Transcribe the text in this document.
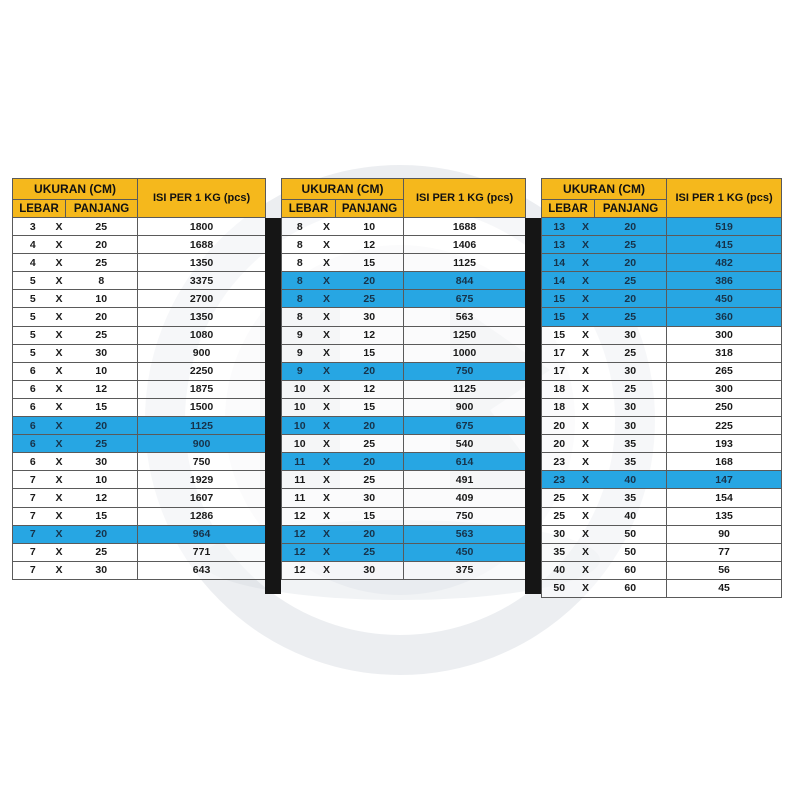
UKURAN (CM)			ISI PER 1 KG (pcs)
LEBAR		PANJANG	
3	X	25	1800
4	X	20	1688
4	X	25	1350
5	X	8	3375
5	X	10	2700
5	X	20	1350
5	X	25	1080
5	X	30	900
6	X	10	2250
6	X	12	1875
6	X	15	1500
6	X	20	1125
6	X	25	900
6	X	30	750
7	X	10	1929
7	X	12	1607
7	X	15	1286
7	X	20	964
7	X	25	771
7	X	30	643
UKURAN (CM)			ISI PER 1 KG (pcs)
LEBAR		PANJANG	
8	X	10	1688
8	X	12	1406
8	X	15	1125
8	X	20	844
8	X	25	675
8	X	30	563
9	X	12	1250
9	X	15	1000
9	X	20	750
10	X	12	1125
10	X	15	900
10	X	20	675
10	X	25	540
11	X	20	614
11	X	25	491
11	X	30	409
12	X	15	750
12	X	20	563
12	X	25	450
12	X	30	375
UKURAN (CM)			ISI PER 1 KG (pcs)
LEBAR		PANJANG	
13	X	20	519
13	X	25	415
14	X	20	482
14	X	25	386
15	X	20	450
15	X	25	360
15	X	30	300
17	X	25	318
17	X	30	265
18	X	25	300
18	X	30	250
20	X	30	225
20	X	35	193
23	X	35	168
23	X	40	147
25	X	35	154
25	X	40	135
30	X	50	90
35	X	50	77
40	X	60	56
50	X	60	45
